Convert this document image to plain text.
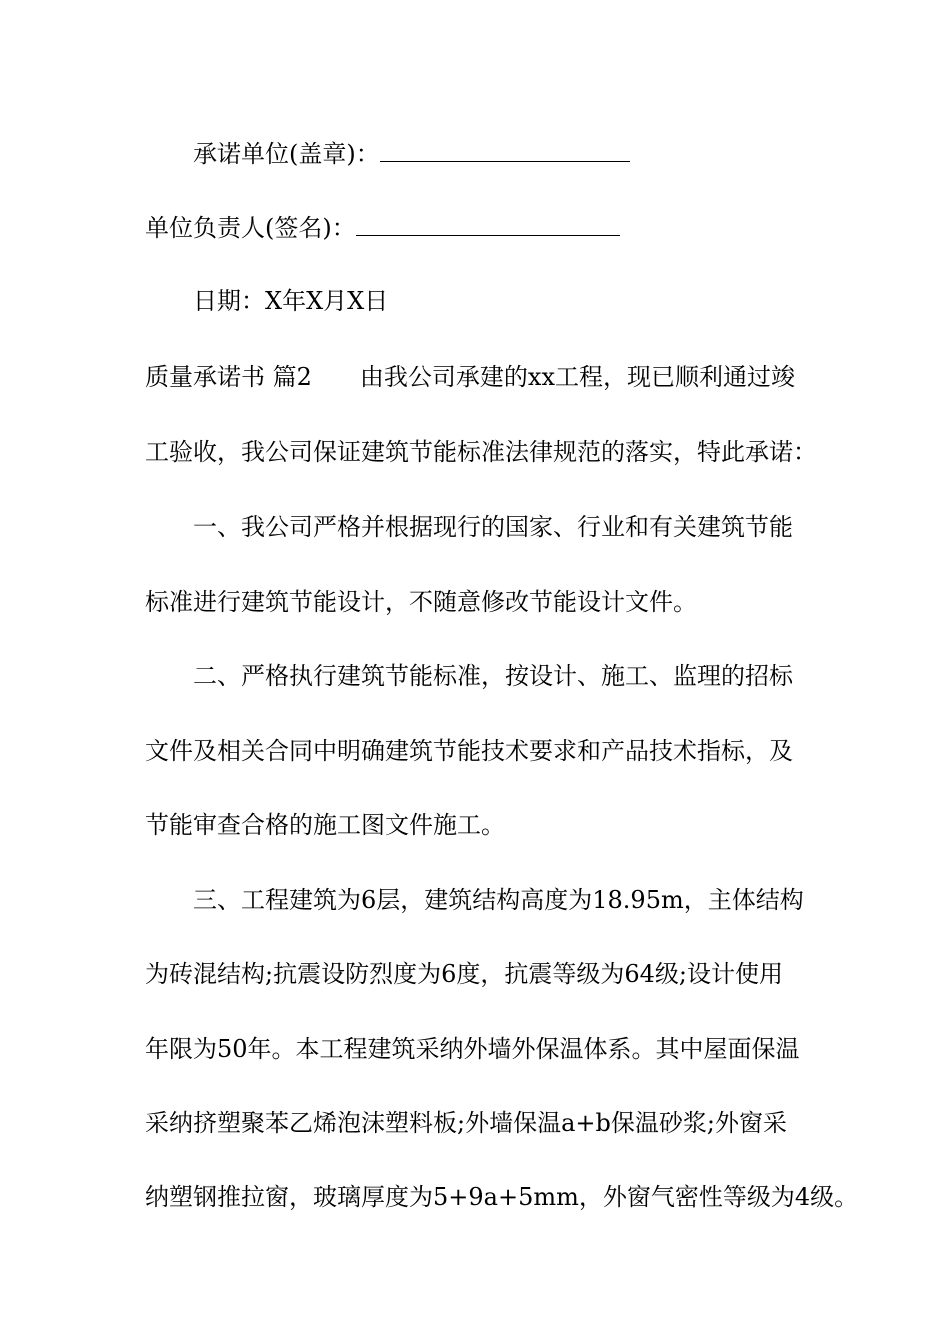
承诺单位(盖章)：
单位负责人(签名)：
日期：X年X月X日
质量承诺书 篇2 由我公司承建的xx工程，现已顺利通过竣
工验收，我公司保证建筑节能标准法律规范的落实，特此承诺：
一、我公司严格并根据现行的国家、行业和有关建筑节能
标准进行建筑节能设计，不随意修改节能设计文件。
二、严格执行建筑节能标准，按设计、施工、监理的招标
文件及相关合同中明确建筑节能技术要求和产品技术指标，及
节能审查合格的施工图文件施工。
三、工程建筑为6层，建筑结构高度为18.95m，主体结构
为砖混结构;抗震设防烈度为6度，抗震等级为64级;设计使用
年限为50年。本工程建筑采纳外墙外保温体系。其中屋面保温
采纳挤塑聚苯乙烯泡沫塑料板;外墙保温a+b保温砂浆;外窗采
纳塑钢推拉窗，玻璃厚度为5+9a+5mm，外窗气密性等级为4级。
